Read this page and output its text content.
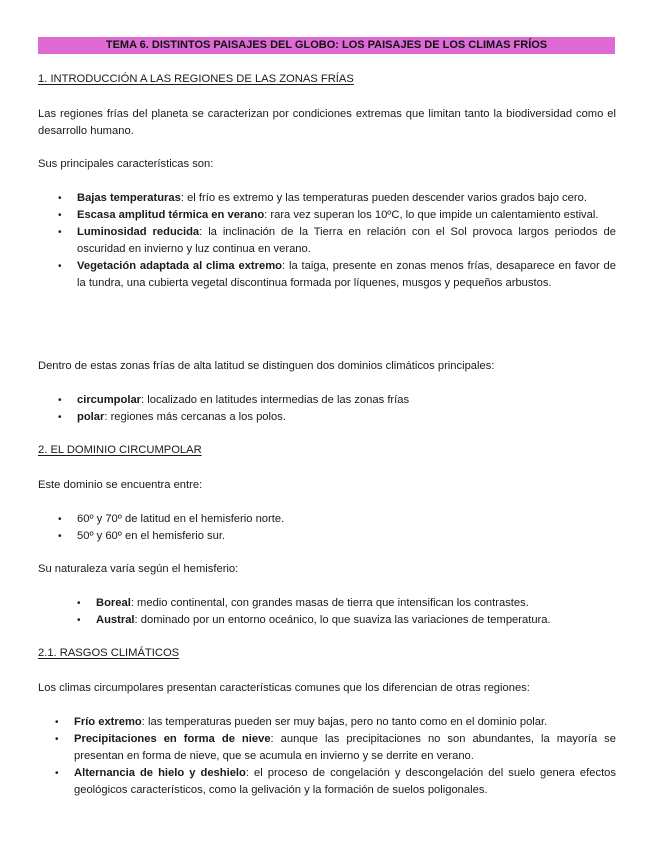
TEMA 6. DISTINTOS PAISAJES DEL GLOBO: LOS PAISAJES DE LOS CLIMAS FRÍOS
1. INTRODUCCIÓN A LAS REGIONES DE LAS ZONAS FRÍAS
Las regiones frías del planeta se caracterizan por condiciones extremas que limitan tanto la biodiversidad como el desarrollo humano.
Sus principales características son:
• Bajas temperaturas: el frío es extremo y las temperaturas pueden descender varios grados bajo cero.
• Escasa amplitud térmica en verano: rara vez superan los 10ºC, lo que impide un calentamiento estival.
• Luminosidad reducida: la inclinación de la Tierra en relación con el Sol provoca largos periodos de oscuridad en invierno y luz continua en verano.
• Vegetación adaptada al clima extremo: la taiga, presente en zonas menos frías, desaparece en favor de la tundra, una cubierta vegetal discontinua formada por líquenes, musgos y pequeños arbustos.
Dentro de estas zonas frías de alta latitud se distinguen dos dominios climáticos principales:
• circumpolar: localizado en latitudes intermedias de las zonas frías
• polar: regiones más cercanas a los polos.
2. EL DOMINIO CIRCUMPOLAR
Este dominio se encuentra entre:
• 60º y 70º de latitud en el hemisferio norte.
• 50º y 60º en el hemisferio sur.
Su naturaleza varía según el hemisferio:
• Boreal: medio continental, con grandes masas de tierra que intensifican los contrastes.
• Austral: dominado por un entorno oceánico, lo que suaviza las variaciones de temperatura.
2.1. RASGOS CLIMÁTICOS
Los climas circumpolares presentan características comunes que los diferencian de otras regiones:
• Frío extremo: las temperaturas pueden ser muy bajas, pero no tanto como en el dominio polar.
• Precipitaciones en forma de nieve: aunque las precipitaciones no son abundantes, la mayoría se presentan en forma de nieve, que se acumula en invierno y se derrite en verano.
• Alternancia de hielo y deshielo: el proceso de congelación y descongelación del suelo genera efectos geológicos característicos, como la gelivación y la formación de suelos poligonales.
